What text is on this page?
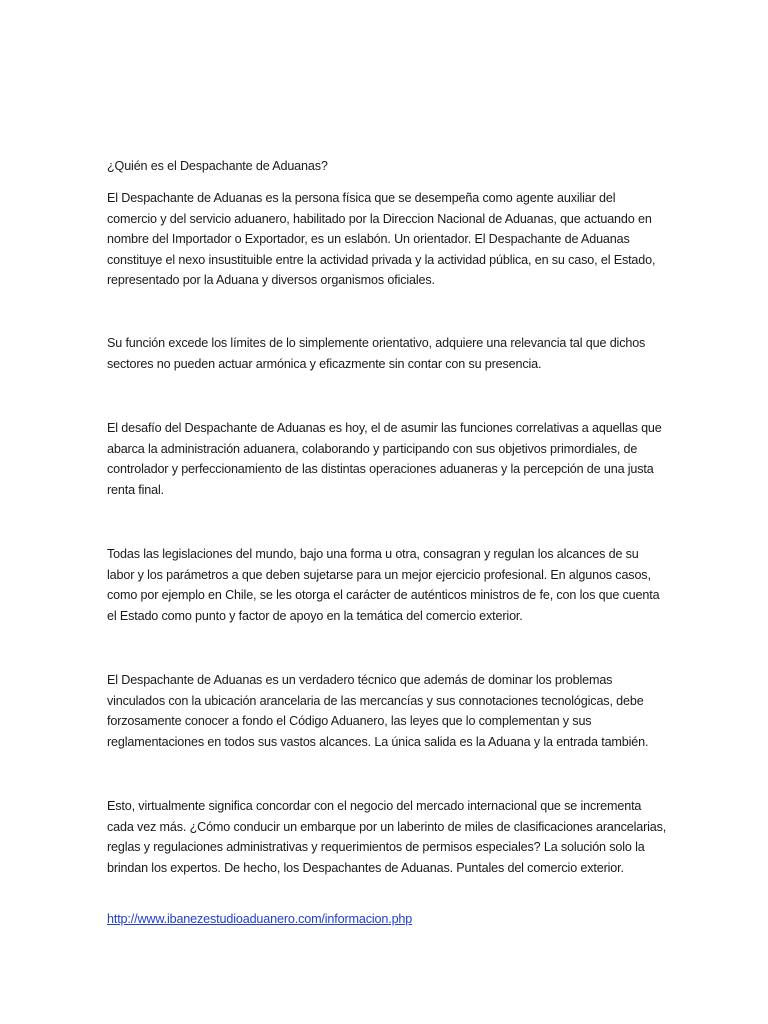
¿Quién es el Despachante de Aduanas?

El Despachante de Aduanas es la persona física que se desempeña como agente auxiliar del comercio y del servicio aduanero, habilitado por la Direccion Nacional de Aduanas, que actuando en nombre del Importador o Exportador, es un eslabón. Un orientador. El Despachante de Aduanas constituye el nexo insustituible entre la actividad privada y la actividad pública, en su caso, el Estado, representado por la Aduana y diversos organismos oficiales.

Su función excede los límites de lo simplemente orientativo, adquiere una relevancia tal que dichos sectores no pueden actuar armónica y eficazmente sin contar con su presencia.

El desafío del Despachante de Aduanas es hoy, el de asumir las funciones correlativas a aquellas que abarca la administración aduanera, colaborando y participando con sus objetivos primordiales, de controlador y perfeccionamiento de las distintas operaciones aduaneras y la percepción de una justa renta final.

Todas las legislaciones del mundo, bajo una forma u otra, consagran y regulan los alcances de su labor y los parámetros a que deben sujetarse para un mejor ejercicio profesional. En algunos casos, como por ejemplo en Chile, se les otorga el carácter de auténticos ministros de fe, con los que cuenta el Estado como punto y factor de apoyo en la temática del comercio exterior.

El Despachante de Aduanas es un verdadero técnico que además de dominar los problemas vinculados con la ubicación arancelaria de las mercancías y sus connotaciones tecnológicas, debe forzosamente conocer a fondo el Código Aduanero, las leyes que lo complementan y sus reglamentaciones en todos sus vastos alcances. La única salida es la Aduana y la entrada también.

Esto, virtualmente significa concordar con el negocio del mercado internacional que se incrementa cada vez más. ¿Cómo conducir un embarque por un laberinto de miles de clasificaciones arancelarias, reglas y regulaciones administrativas y requerimientos de permisos especiales? La solución solo la brindan los expertos. De hecho, los Despachantes de Aduanas. Puntales del comercio exterior.

http://www.ibanezestudioaduanero.com/informacion.php
